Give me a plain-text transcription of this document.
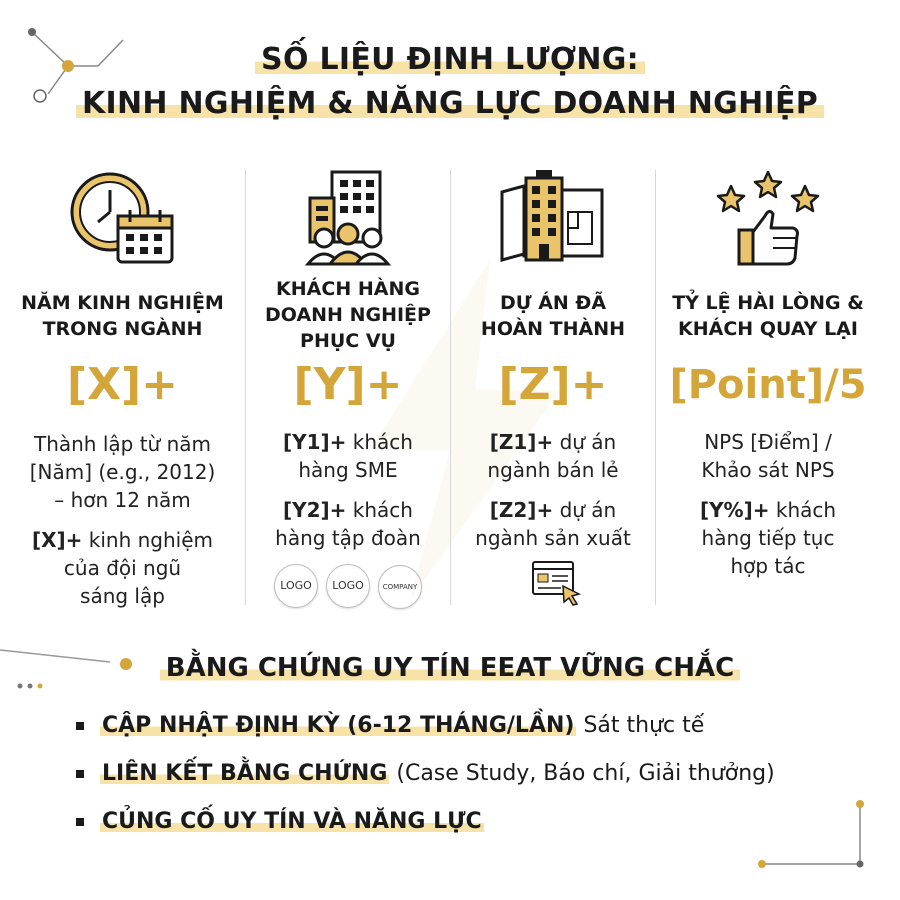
SỐ LIỆU ĐỊNH LƯỢNG:
KINH NGHIỆM & NĂNG LỰC DOANH NGHIỆP
NĂM KINH NGHIỆM
TRONG NGÀNH
[X]+
Thành lập từ năm
[Năm] (e.g., 2012)
– hơn 12 năm
[X]+ kinh nghiệm
của đội ngũ
sáng lập
KHÁCH HÀNG
DOANH NGHIỆP
PHỤC VỤ
[Y]+
[Y1]+ khách
hàng SME
[Y2]+ khách
hàng tập đoàn
LOGO LOGO	COMPANY
DỰ ÁN ĐÃ
HOÀN THÀNH
[Z]+
[Z1]+ dự án
ngành bán lẻ
[Z2]+ dự án
ngành sản xuất
TỶ LỆ HÀI LÒNG &
KHÁCH QUAY LẠI
[Point]/5
NPS [Điểm] /
Khảo sát NPS
[Y%]+ khách
hàng tiếp tục
hợp tác
BẰNG CHỨNG UY TÍN EEAT VỮNG CHẮC
CẬP NHẬT ĐỊNH KỲ (6-12 THÁNG/LẦN) Sát thực tế
LIÊN KẾT BẰNG CHỨNG (Case Study, Báo chí, Giải thưởng)
CỦNG CỐ UY TÍN VÀ NĂNG LỰC
